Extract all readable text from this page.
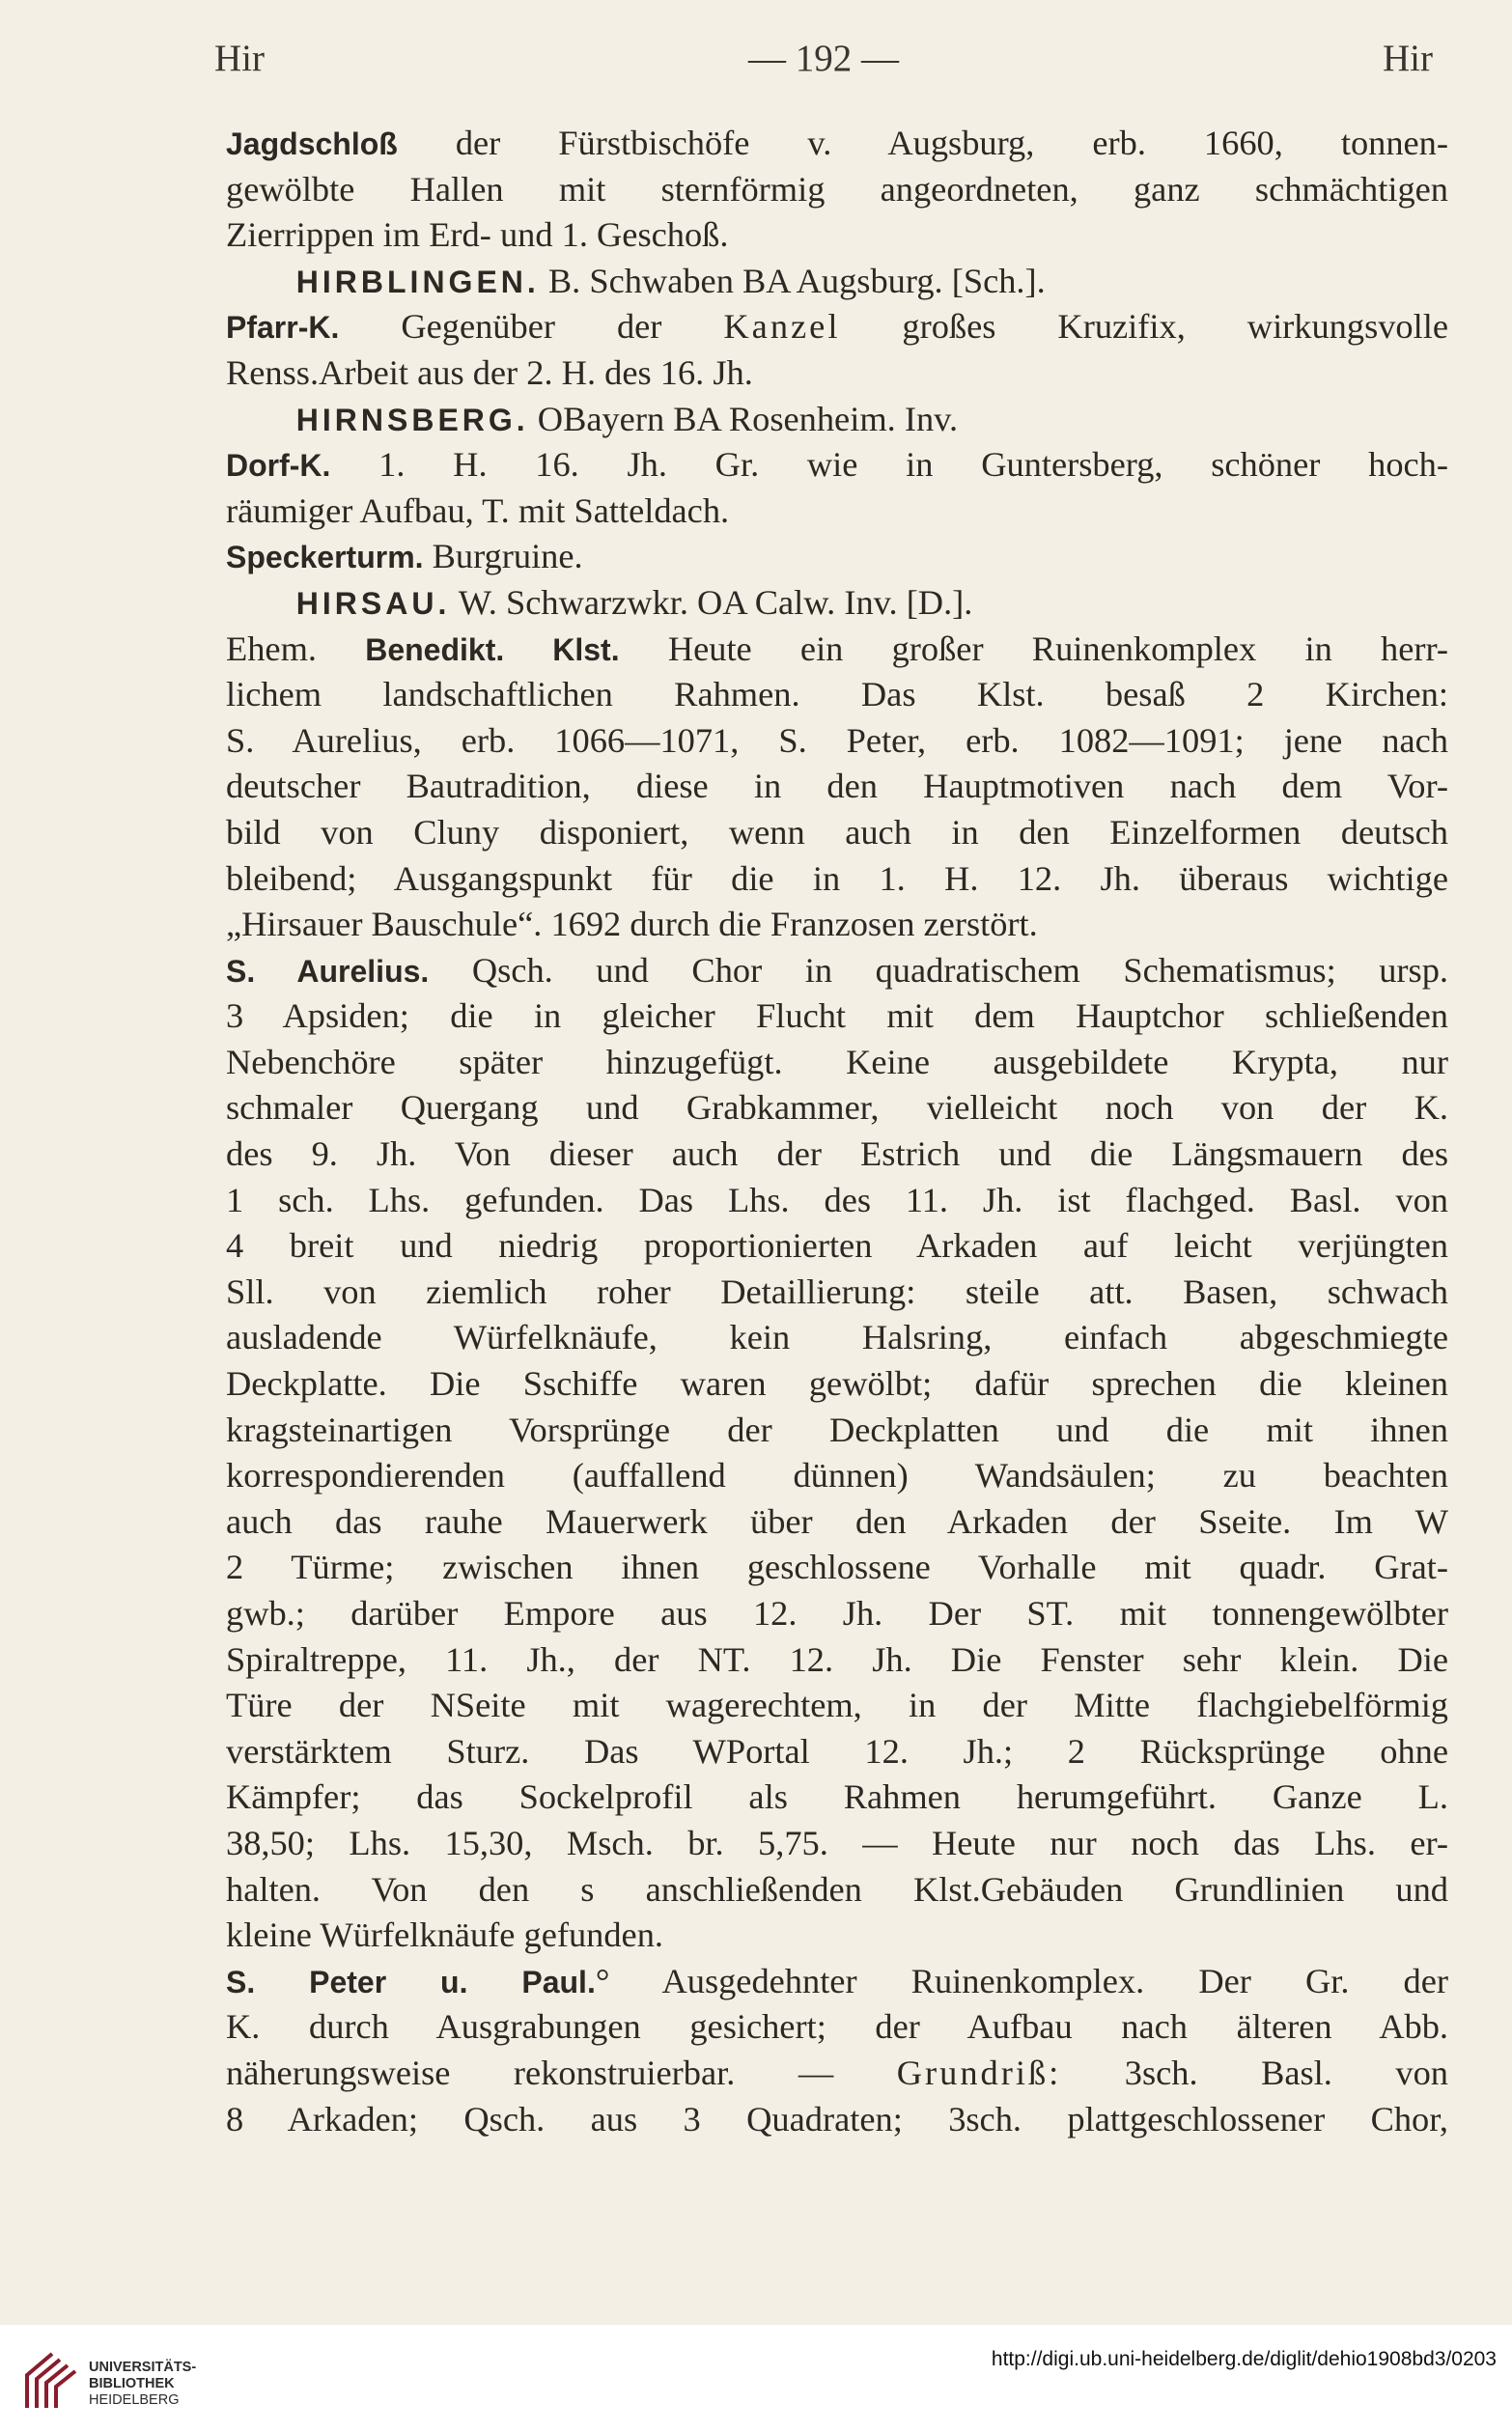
Hir	— 192 —	Hir
Jagdschloß der Fürstbischöfe v. Augsburg, erb. 1660, tonnen-
gewölbte Hallen mit sternförmig angeordneten, ganz schmächtigen
Zierrippen im Erd- und 1. Geschoß.
HIRBLINGEN. B. Schwaben BA Augsburg. [Sch.].
Pfarr-K. Gegenüber der Kanzel großes Kruzifix, wirkungsvolle
Renss.Arbeit aus der 2. H. des 16. Jh.
HIRNSBERG. OBayern BA Rosenheim. Inv.
Dorf-K. 1. H. 16. Jh. Gr. wie in Guntersberg, schöner hoch-
räumiger Aufbau, T. mit Satteldach.
Speckerturm. Burgruine.
HIRSAU. W. Schwarzwkr. OA Calw. Inv. [D.].
Ehem. Benedikt. Klst. Heute ein großer Ruinenkomplex in herr-
lichem landschaftlichen Rahmen. Das Klst. besaß 2 Kirchen:
S. Aurelius, erb. 1066—1071, S. Peter, erb. 1082—1091; jene nach
deutscher Bautradition, diese in den Hauptmotiven nach dem Vor-
bild von Cluny disponiert, wenn auch in den Einzelformen deutsch
bleibend; Ausgangspunkt für die in 1. H. 12. Jh. überaus wichtige
„Hirsauer Bauschule“. 1692 durch die Franzosen zerstört.
S. Aurelius. Qsch. und Chor in quadratischem Schematismus; ursp.
3 Apsiden; die in gleicher Flucht mit dem Hauptchor schließenden
Nebenchöre später hinzugefügt. Keine ausgebildete Krypta, nur
schmaler Quergang und Grabkammer, vielleicht noch von der K.
des 9. Jh. Von dieser auch der Estrich und die Längsmauern des
1 sch. Lhs. gefunden. Das Lhs. des 11. Jh. ist flachged. Basl. von
4 breit und niedrig proportionierten Arkaden auf leicht verjüngten
Sll. von ziemlich roher Detaillierung: steile att. Basen, schwach
ausladende Würfelknäufe, kein Halsring, einfach abgeschmiegte
Deckplatte. Die Sschiffe waren gewölbt; dafür sprechen die kleinen
kragsteinartigen Vorsprünge der Deckplatten und die mit ihnen
korrespondierenden (auffallend dünnen) Wandsäulen; zu beachten
auch das rauhe Mauerwerk über den Arkaden der Sseite. Im W
2 Türme; zwischen ihnen geschlossene Vorhalle mit quadr. Grat-
gwb.; darüber Empore aus 12. Jh. Der ST. mit tonnengewölbter
Spiraltreppe, 11. Jh., der NT. 12. Jh. Die Fenster sehr klein. Die
Türe der NSeite mit wagerechtem, in der Mitte flachgiebelförmig
verstärktem Sturz. Das WPortal 12. Jh.; 2 Rücksprünge ohne
Kämpfer; das Sockelprofil als Rahmen herumgeführt. Ganze L.
38,50; Lhs. 15,30, Msch. br. 5,75. — Heute nur noch das Lhs. er-
halten. Von den s anschließenden Klst.Gebäuden Grundlinien und
kleine Würfelknäufe gefunden.
S. Peter u. Paul.° Ausgedehnter Ruinenkomplex. Der Gr. der
K. durch Ausgrabungen gesichert; der Aufbau nach älteren Abb.
näherungsweise rekonstruierbar. — Grundriß: 3sch. Basl. von
8 Arkaden; Qsch. aus 3 Quadraten; 3sch. plattgeschlossener Chor,
UNIVERSITÄTS-
BIBLIOTHEK
HEIDELBERG
http://digi.ub.uni-heidelberg.de/diglit/dehio1908bd3/0203
